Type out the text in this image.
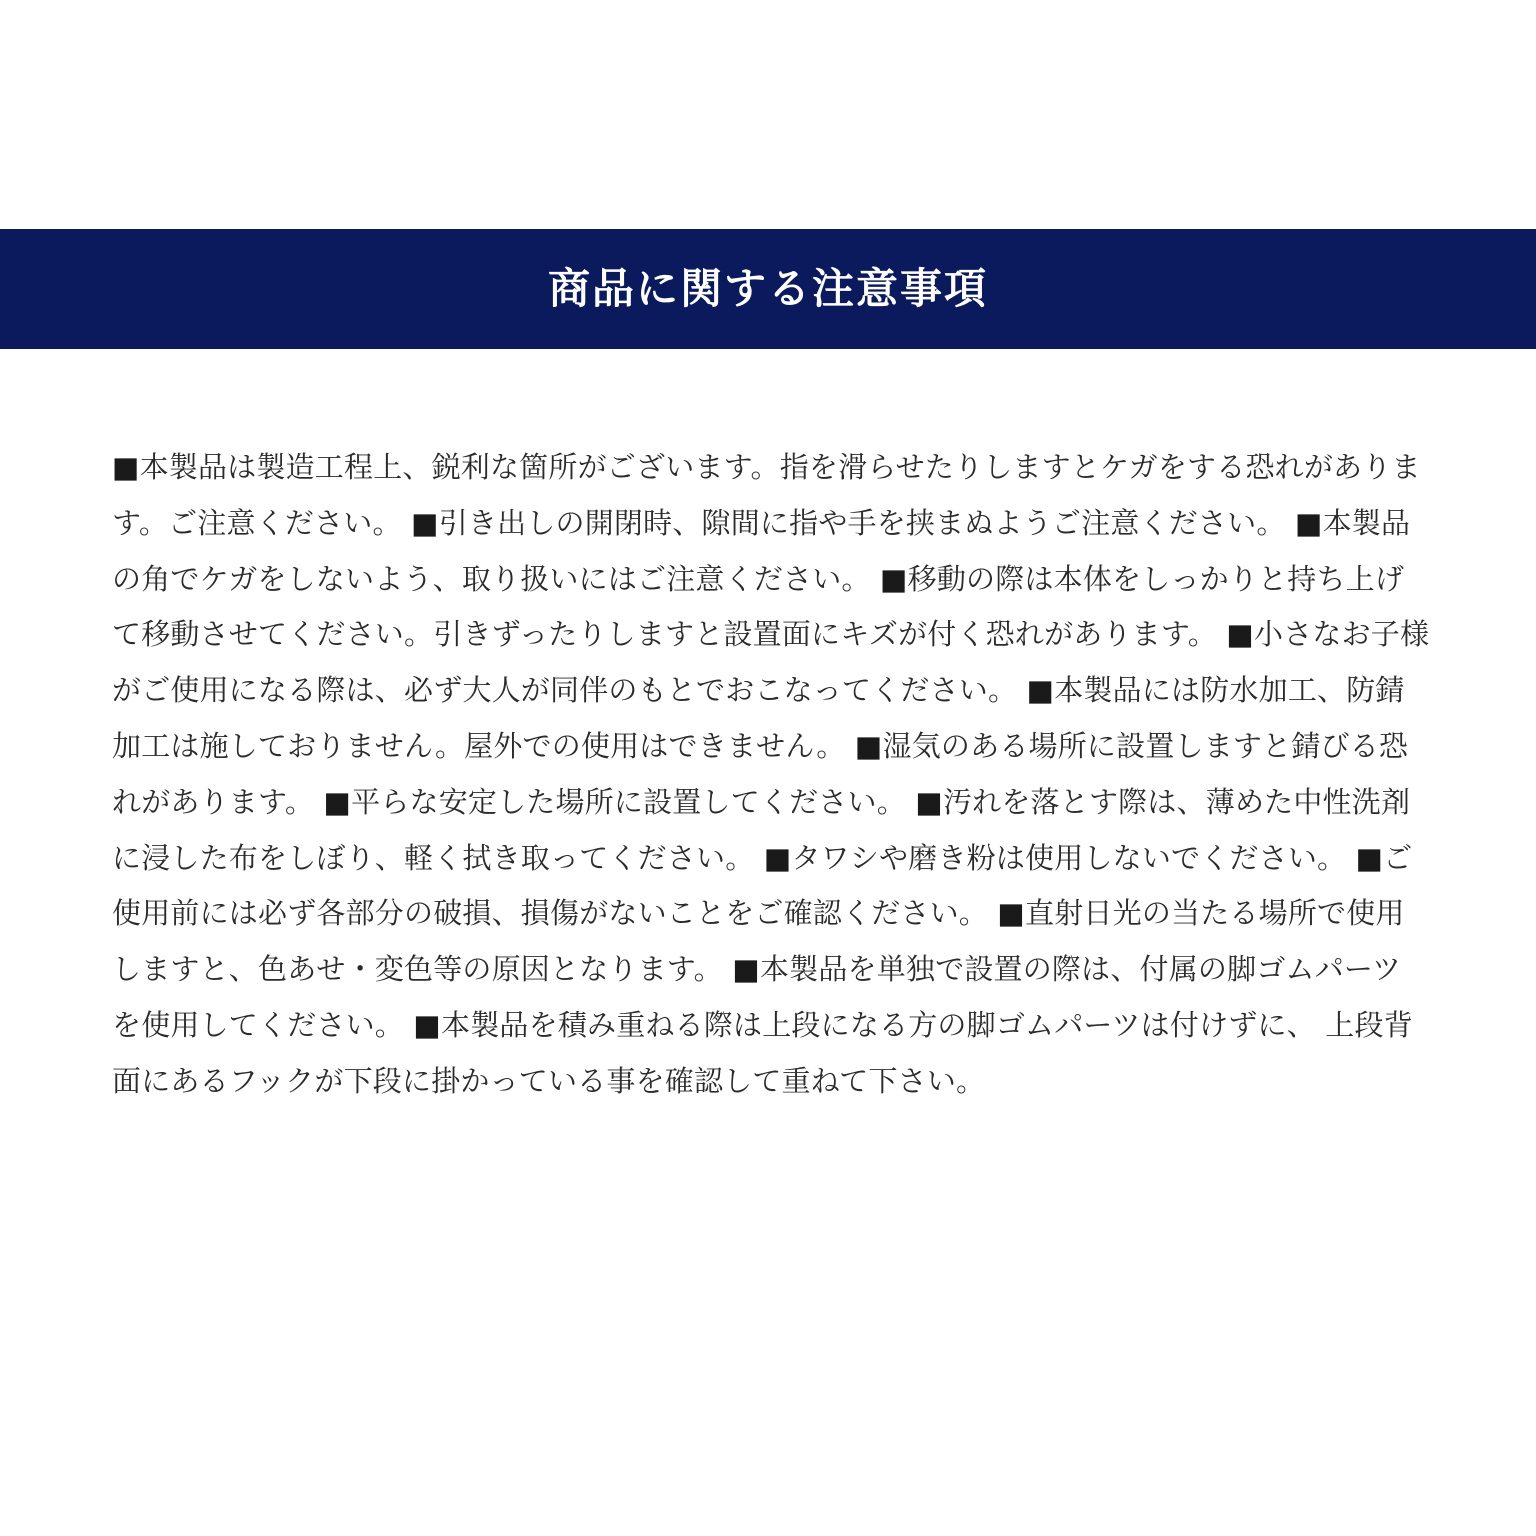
商品に関する注意事項
■本製品は製造工程上、鋭利な箇所がございます。指を滑らせたりしますとケガをする恐れがあります。ご注意ください。 ■引き出しの開閉時、隙間に指や手を挟まぬようご注意ください。 ■本製品の角でケガをしないよう、取り扱いにはご注意ください。 ■移動の際は本体をしっかりと持ち上げて移動させてください。引きずったりしますと設置面にキズが付く恐れがあります。 ■小さなお子様がご使用になる際は、必ず大人が同伴のもとでおこなってください。 ■本製品には防水加工、防錆加工は施しておりません。屋外での使用はできません。 ■湿気のある場所に設置しますと錆びる恐れがあります。 ■平らな安定した場所に設置してください。 ■汚れを落とす際は、薄めた中性洗剤に浸した布をしぼり、軽く拭き取ってください。 ■タワシや磨き粉は使用しないでください。 ■ご使用前には必ず各部分の破損、損傷がないことをご確認ください。 ■直射日光の当たる場所で使用しますと、色あせ・変色等の原因となります。 ■本製品を単独で設置の際は、付属の脚ゴムパーツを使用してください。 ■本製品を積み重ねる際は上段になる方の脚ゴムパーツは付けずに、 上段背面にあるフックが下段に掛かっている事を確認して重ねて下さい。
